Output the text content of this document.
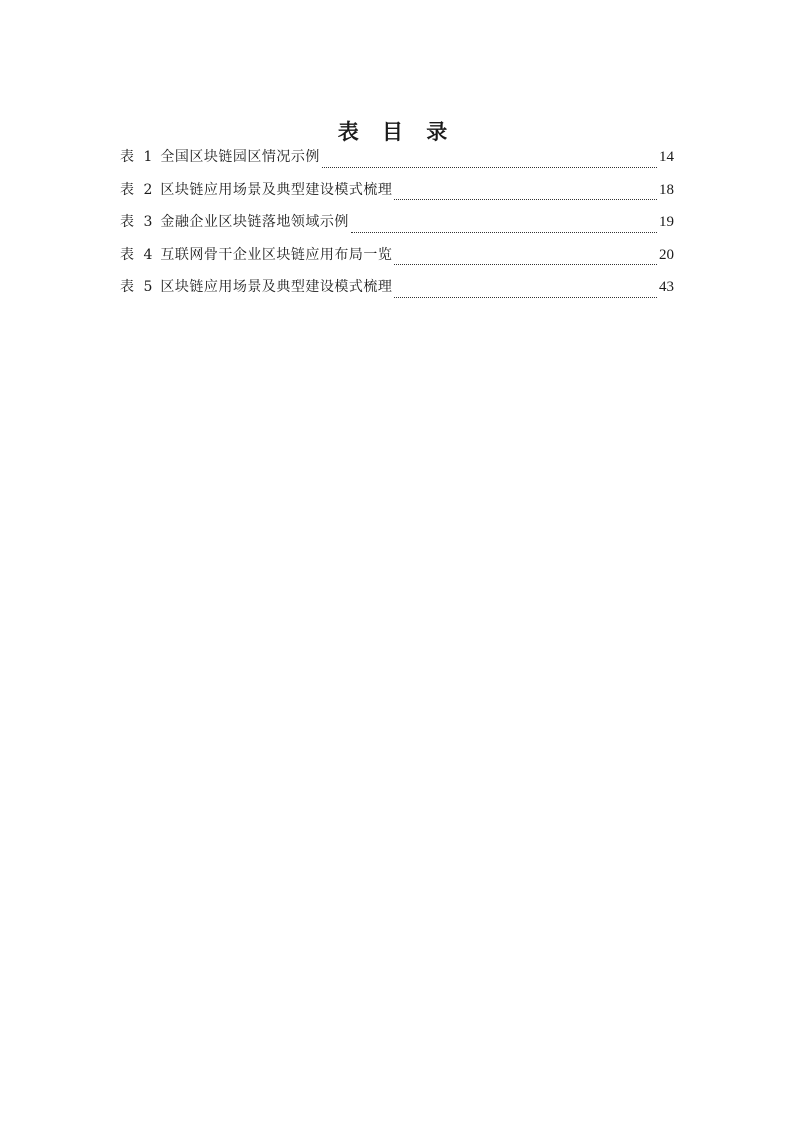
表 目 录
表 1 全国区块链园区情况示例	14
表 2 区块链应用场景及典型建设模式梳理	18
表 3 金融企业区块链落地领域示例	19
表 4 互联网骨干企业区块链应用布局一览	20
表 5 区块链应用场景及典型建设模式梳理	43
